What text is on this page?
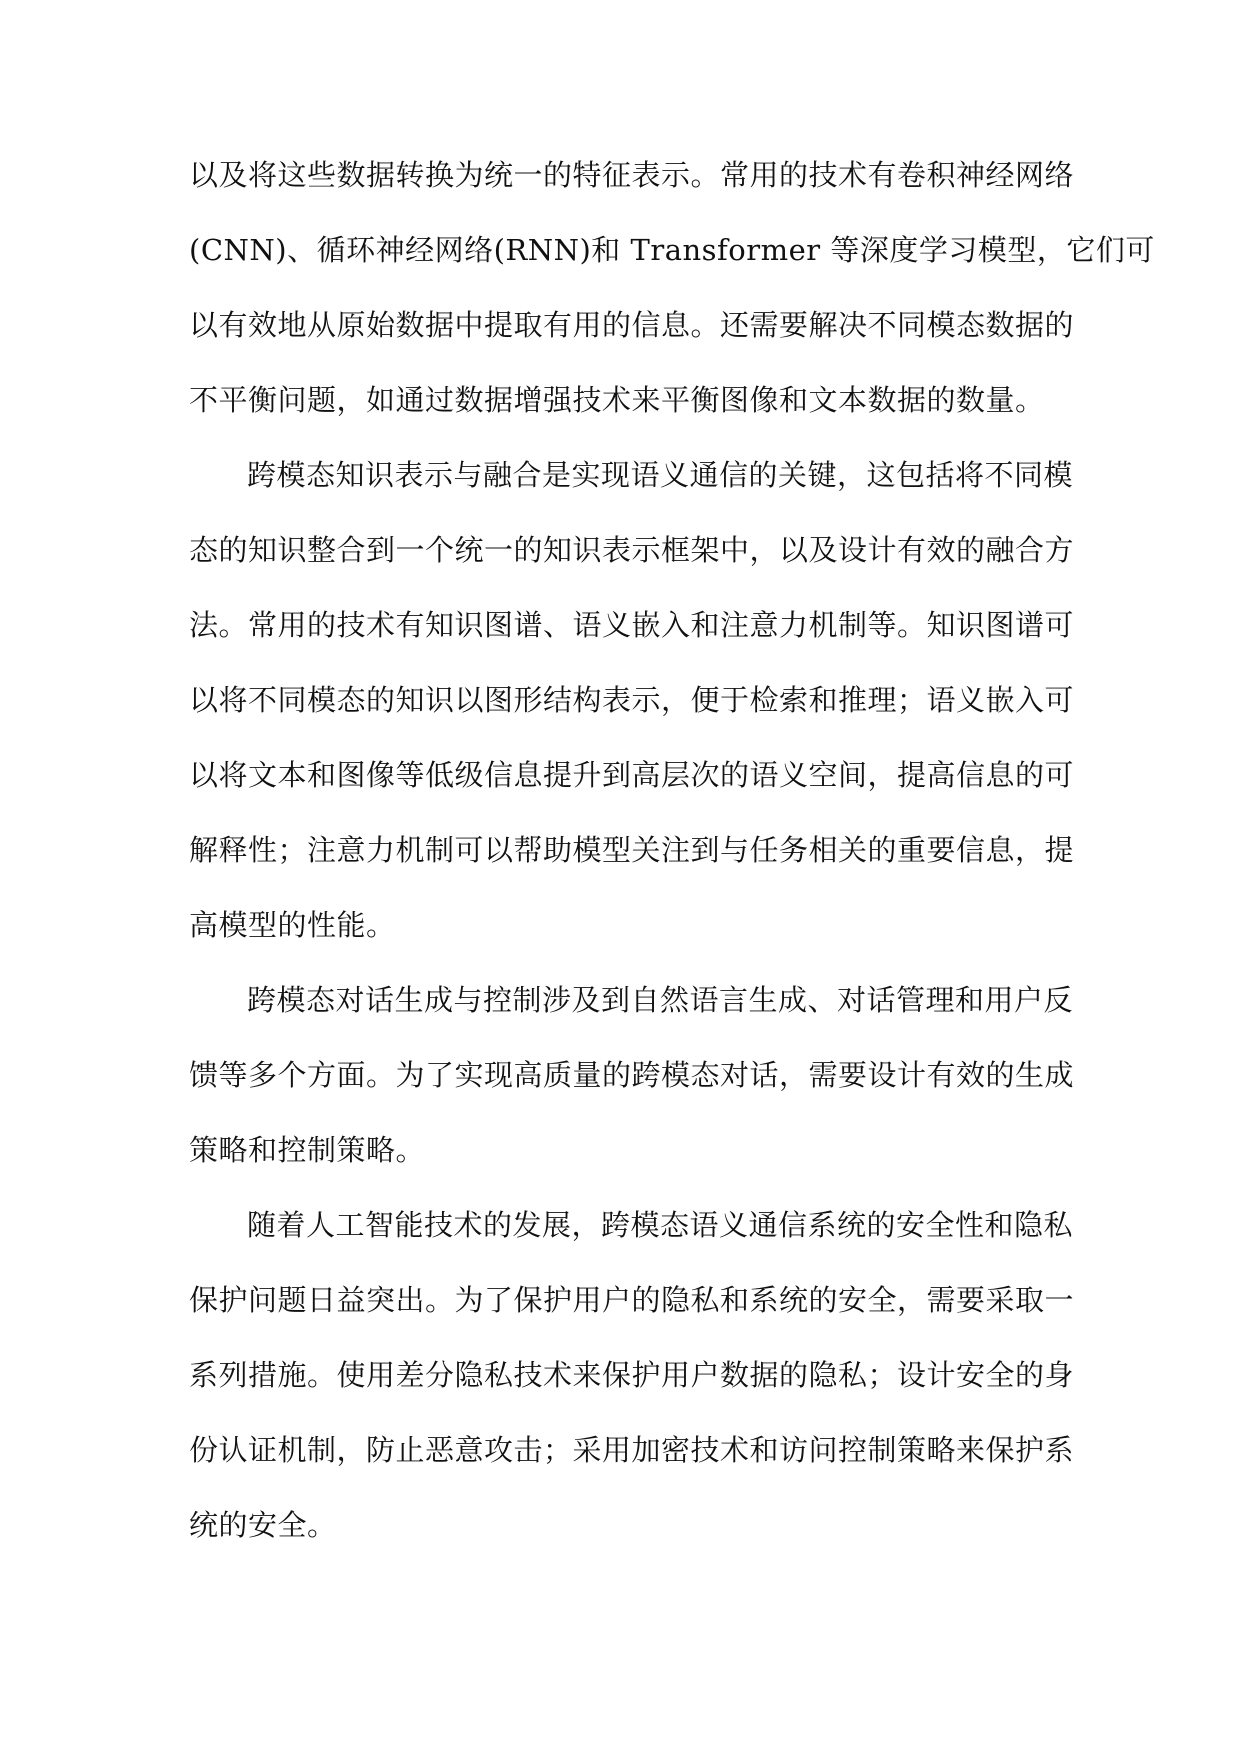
以及将这些数据转换为统一的特征表示。常用的技术有卷积神经网络
(CNN)、循环神经网络(RNN)和 Transformer 等深度学习模型，它们可
以有效地从原始数据中提取有用的信息。还需要解决不同模态数据的
不平衡问题，如通过数据增强技术来平衡图像和文本数据的数量。
跨模态知识表示与融合是实现语义通信的关键，这包括将不同模
态的知识整合到一个统一的知识表示框架中，以及设计有效的融合方
法。常用的技术有知识图谱、语义嵌入和注意力机制等。知识图谱可
以将不同模态的知识以图形结构表示，便于检索和推理；语义嵌入可
以将文本和图像等低级信息提升到高层次的语义空间，提高信息的可
解释性；注意力机制可以帮助模型关注到与任务相关的重要信息，提
高模型的性能。
跨模态对话生成与控制涉及到自然语言生成、对话管理和用户反
馈等多个方面。为了实现高质量的跨模态对话，需要设计有效的生成
策略和控制策略。
随着人工智能技术的发展，跨模态语义通信系统的安全性和隐私
保护问题日益突出。为了保护用户的隐私和系统的安全，需要采取一
系列措施。使用差分隐私技术来保护用户数据的隐私；设计安全的身
份认证机制，防止恶意攻击；采用加密技术和访问控制策略来保护系
统的安全。
